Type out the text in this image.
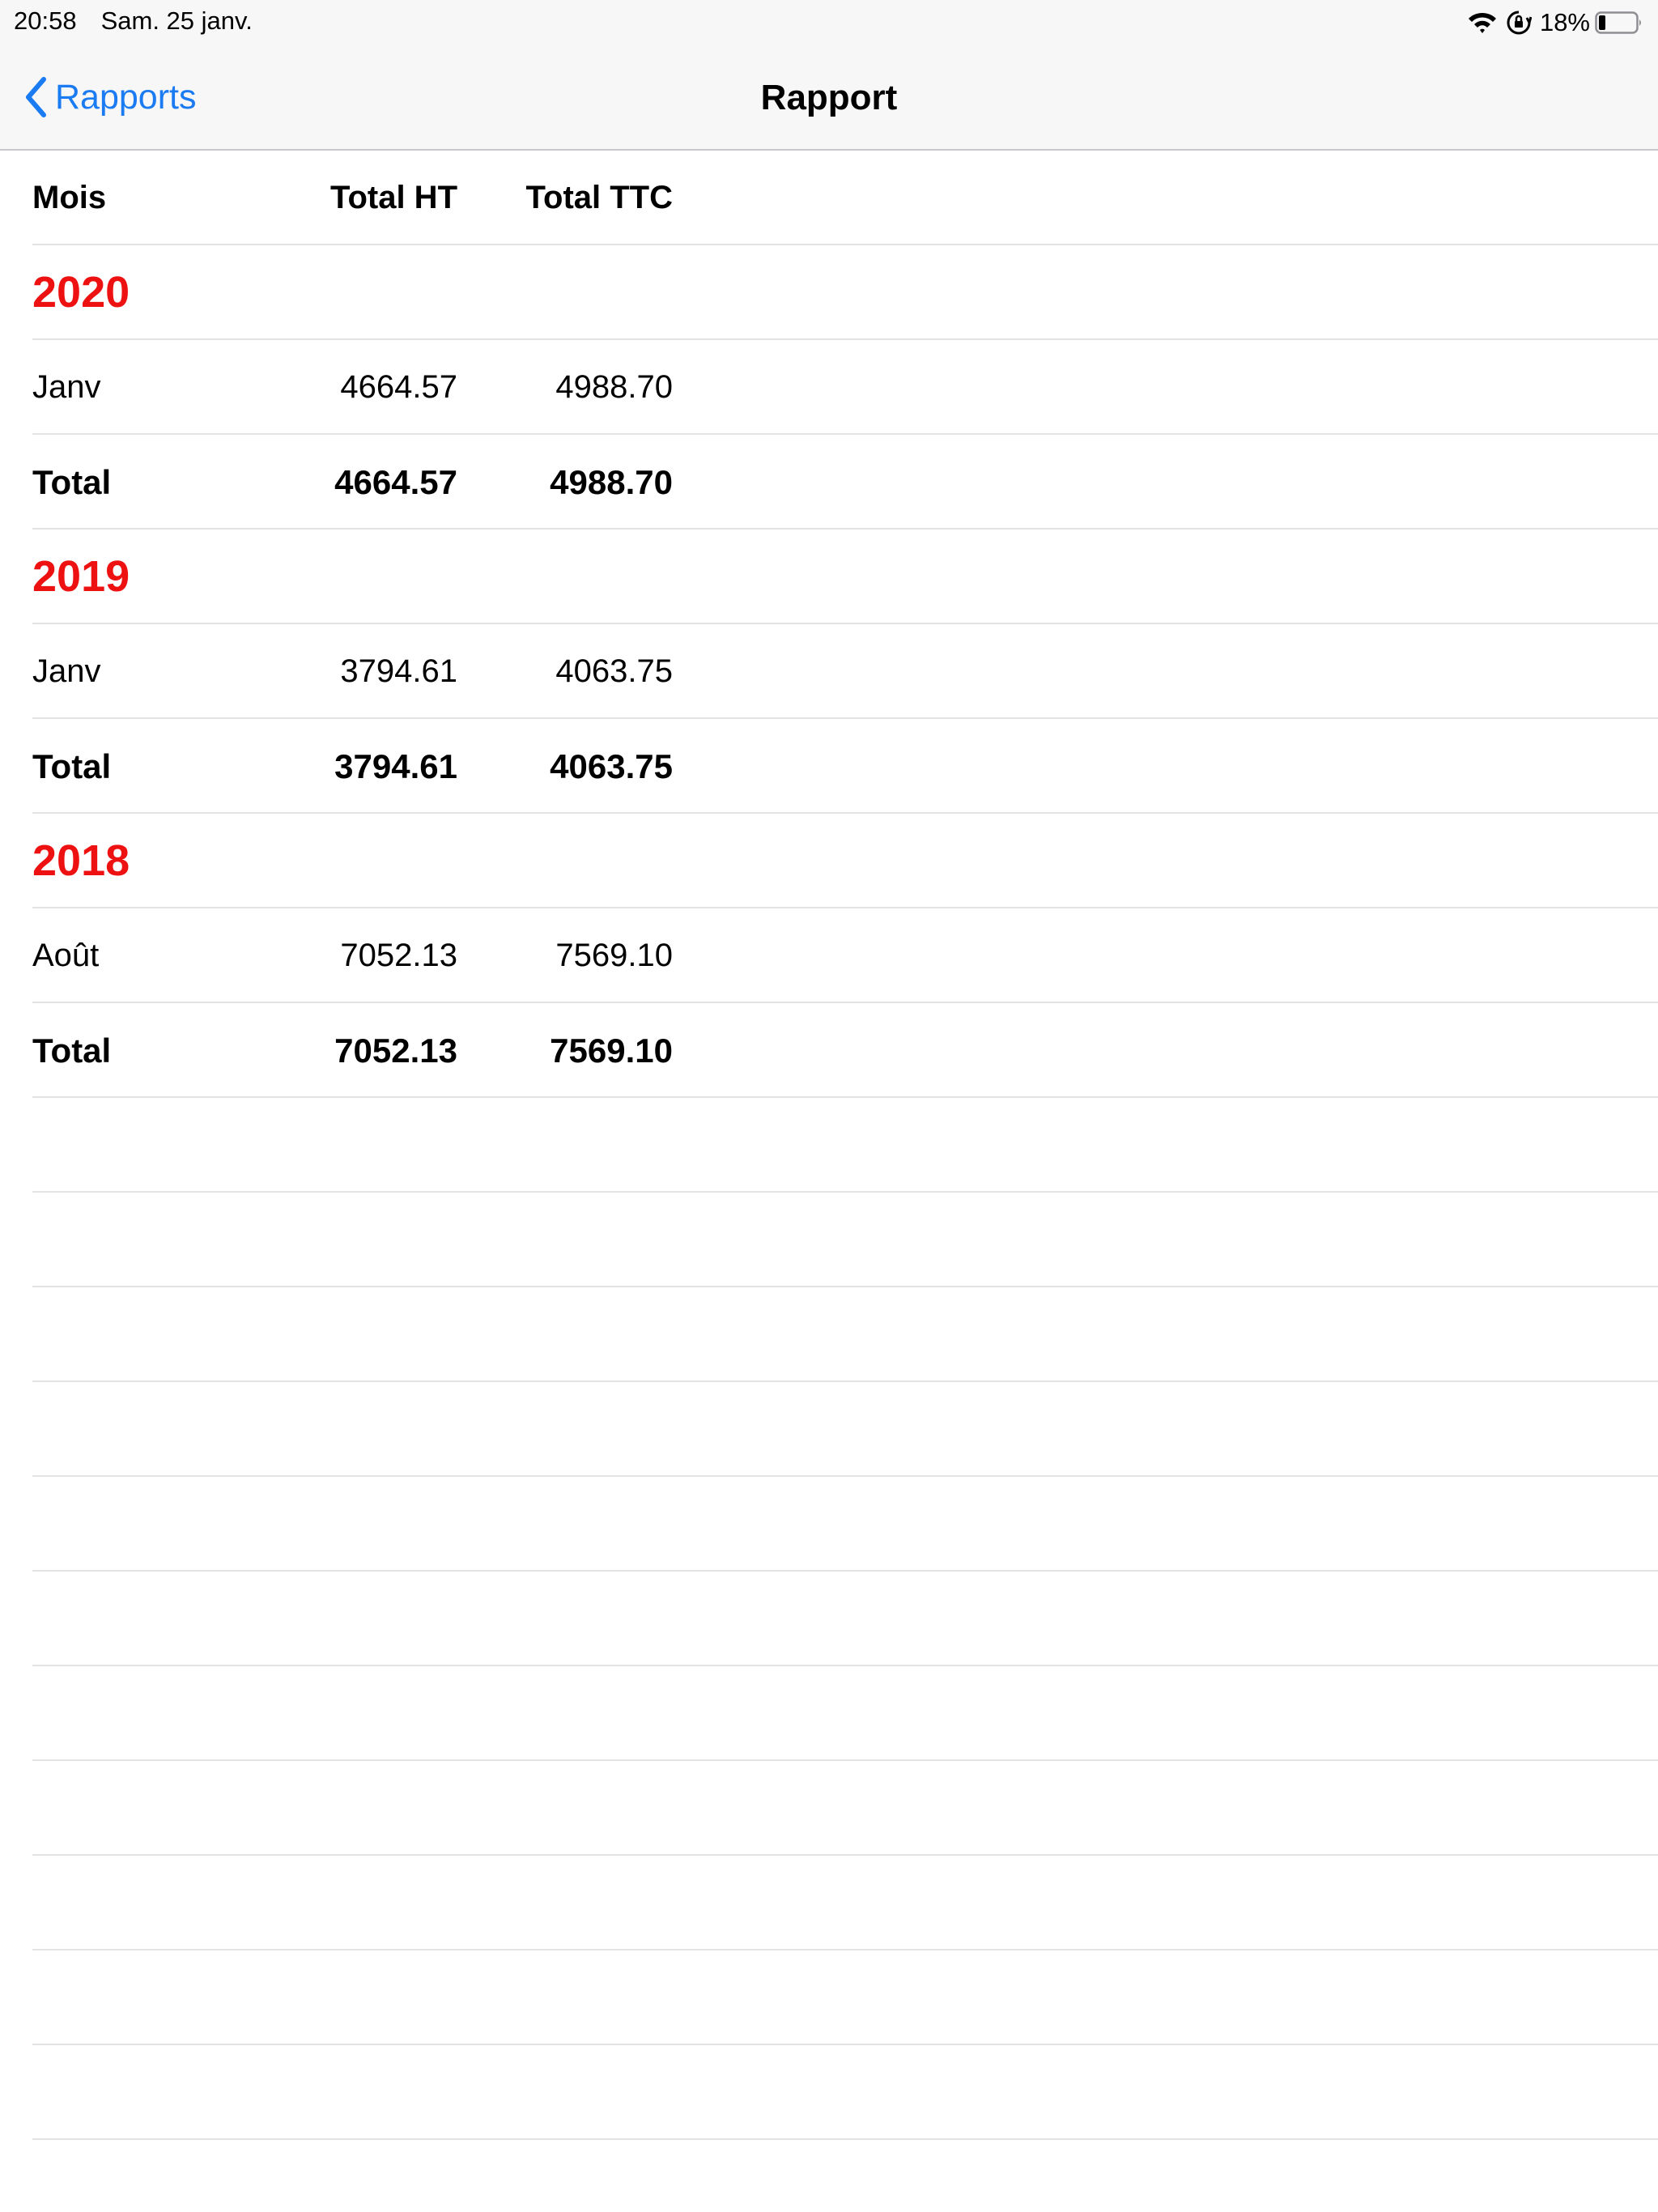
20:58 Sam. 25 janv.	18%
Rapports	Rapport
Mois	Total HT	Total TTC
2020
Janv	4664.57	4988.70
Total	4664.57	4988.70
2019
Janv	3794.61	4063.75
Total	3794.61	4063.75
2018
Août	7052.13	7569.10
Total	7052.13	7569.10
